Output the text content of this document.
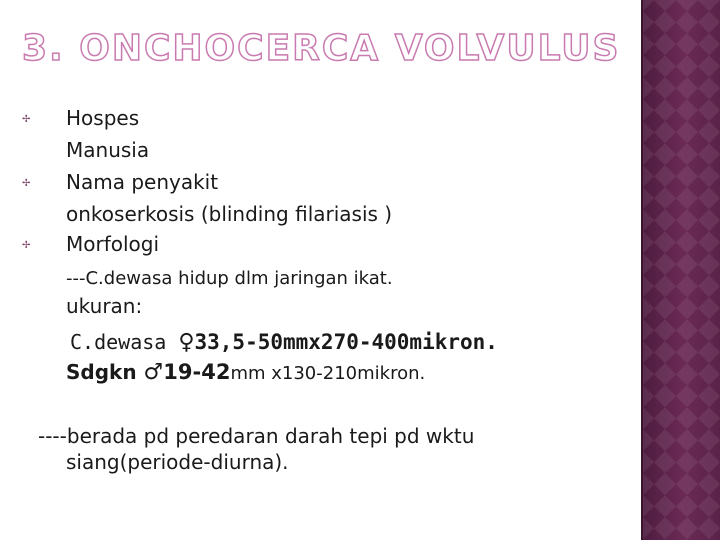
3. ONCHOCERCA VOLVULUS
✢ Hospes
Manusia
✢ Nama penyakit
onkoserkosis (blinding filariasis )
✢ Morfologi
---C.dewasa hidup dlm jaringan ikat.
ukuran:
C.dewasa ♀33,5-50mmx270-400mikron.
Sdgkn ♂19-42mm x130-210mikron.
----berada pd peredaran darah tepi pd wktu
siang(periode-diurna).
